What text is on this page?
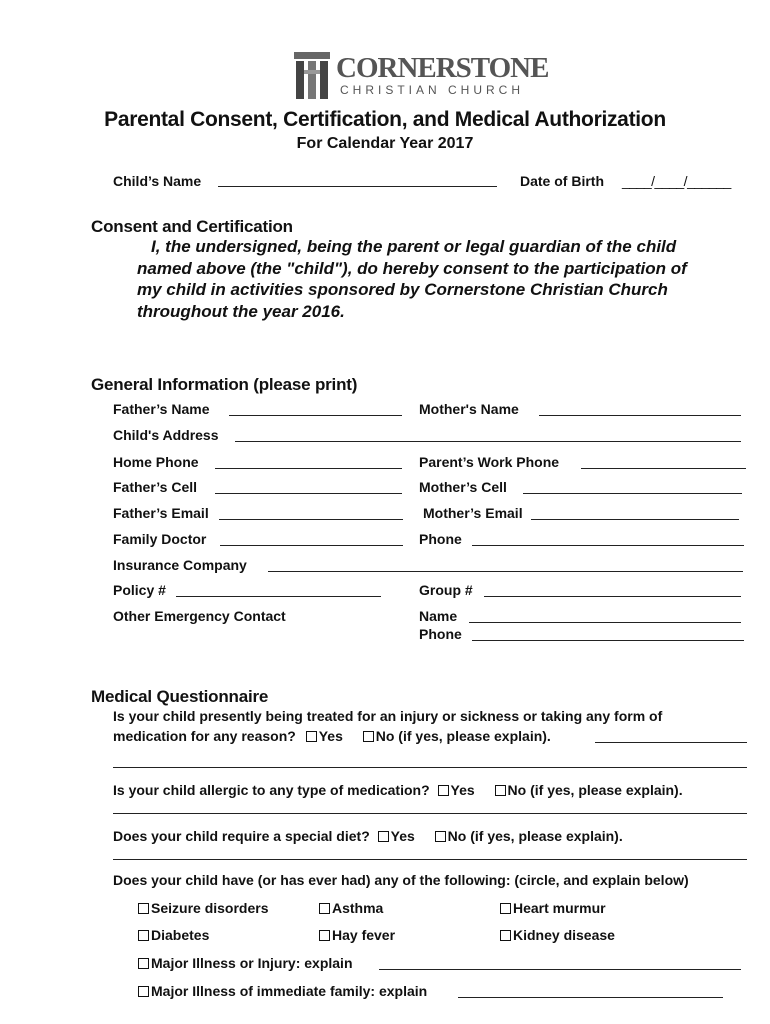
CORNERSTONE
CHRISTIAN CHURCH
Parental Consent, Certification, and Medical Authorization
For Calendar Year 2017
Child’s Name	Date of Birth ____/____/______
Consent and Certification
I, the undersigned, being the parent or legal guardian of the child
named above (the "child"), do hereby consent to the participation of
my child in activities sponsored by Cornerstone Christian Church
throughout the year 2016.
General Information (please print)
Father’s Name	Mother's Name
Child's Address
Home Phone	Parent’s Work Phone
Father’s Cell	Mother’s Cell
Father’s Email	Mother’s Email
Family Doctor	Phone
Insurance Company
Policy #	Group #
Other Emergency Contact	Name
Phone
Medical Questionnaire
Is your child presently being treated for an injury or sickness or taking any form of
medication for any reason? Yes No (if yes, please explain).
Is your child allergic to any type of medication? Yes No (if yes, please explain).
Does your child require a special diet? Yes No (if yes, please explain).
Does your child have (or has ever had) any of the following: (circle, and explain below)
Seizure disorders	Asthma	Heart murmur
Diabetes	Hay fever	Kidney disease
Major Illness or Injury: explain
Major Illness of immediate family: explain
